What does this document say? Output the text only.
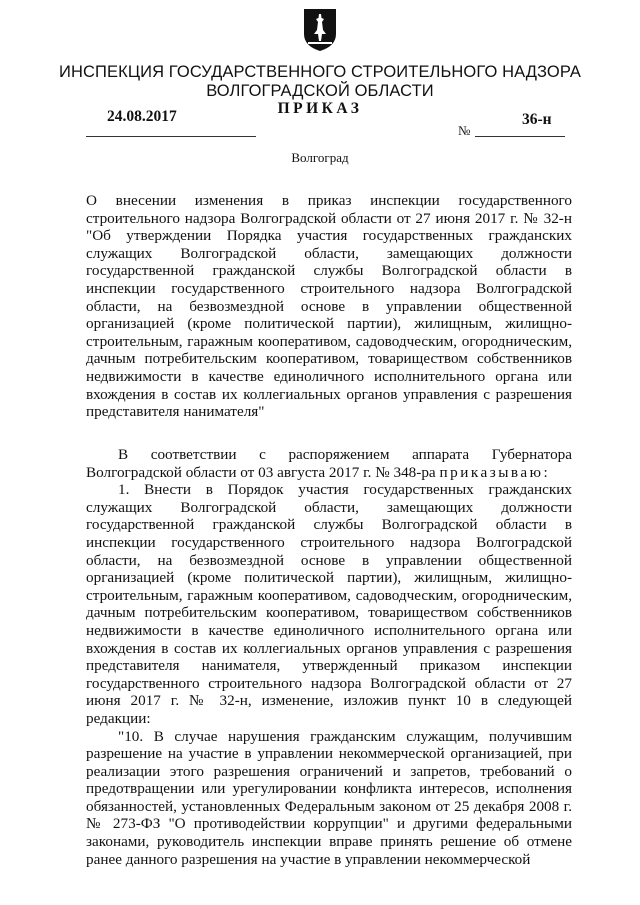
ИНСПЕКЦИЯ ГОСУДАРСТВЕННОГО СТРОИТЕЛЬНОГО НАДЗОРА
ВОЛГОГРАДСКОЙ ОБЛАСТИ
ПРИКАЗ
24.08.2017
№
36-н
Волгоград
О внесении изменения в приказ инспекции государственного строительного надзора Волгоградской области от 27 июня 2017 г. № 32-н "Об утверждении Порядка участия государственных гражданских служащих Волгоградской области, замещающих должности государственной гражданской службы Волгоградской области в инспекции государственного строительного надзора Волгоградской области, на безвозмездной основе в управлении общественной организацией (кроме политической партии), жилищным, жилищно-строительным, гаражным кооперативом, садоводческим, огородническим, дачным потребительским кооперативом, товариществом собственников недвижимости в качестве единоличного исполнительного органа или вхождения в состав их коллегиальных органов управления с разрешения представителя нанимателя"

В соответствии с распоряжением аппарата Губернатора Волгоградской области от 03 августа 2017 г. № 348-ра приказываю:

1. Внести в Порядок участия государственных гражданских служащих Волгоградской области, замещающих должности государственной гражданской службы Волгоградской области в инспекции государственного строительного надзора Волгоградской области, на безвозмездной основе в управлении общественной организацией (кроме политической партии), жилищным, жилищно-строительным, гаражным кооперативом, садоводческим, огородническим, дачным потребительским кооперативом, товариществом собственников недвижимости в качестве единоличного исполнительного органа или вхождения в состав их коллегиальных органов управления с разрешения представителя нанимателя, утвержденный приказом инспекции государственного строительного надзора Волгоградской области от 27 июня 2017 г. № 32-н, изменение, изложив пункт 10 в следующей редакции:

"10. В случае нарушения гражданским служащим, получившим разрешение на участие в управлении некоммерческой организацией, при реализации этого разрешения ограничений и запретов, требований о предотвращении или урегулировании конфликта интересов, исполнения обязанностей, установленных Федеральным законом от 25 декабря 2008 г. № 273-ФЗ "О противодействии коррупции" и другими федеральными законами, руководитель инспекции вправе принять решение об отмене ранее данного разрешения на участие в управлении некоммерческой
